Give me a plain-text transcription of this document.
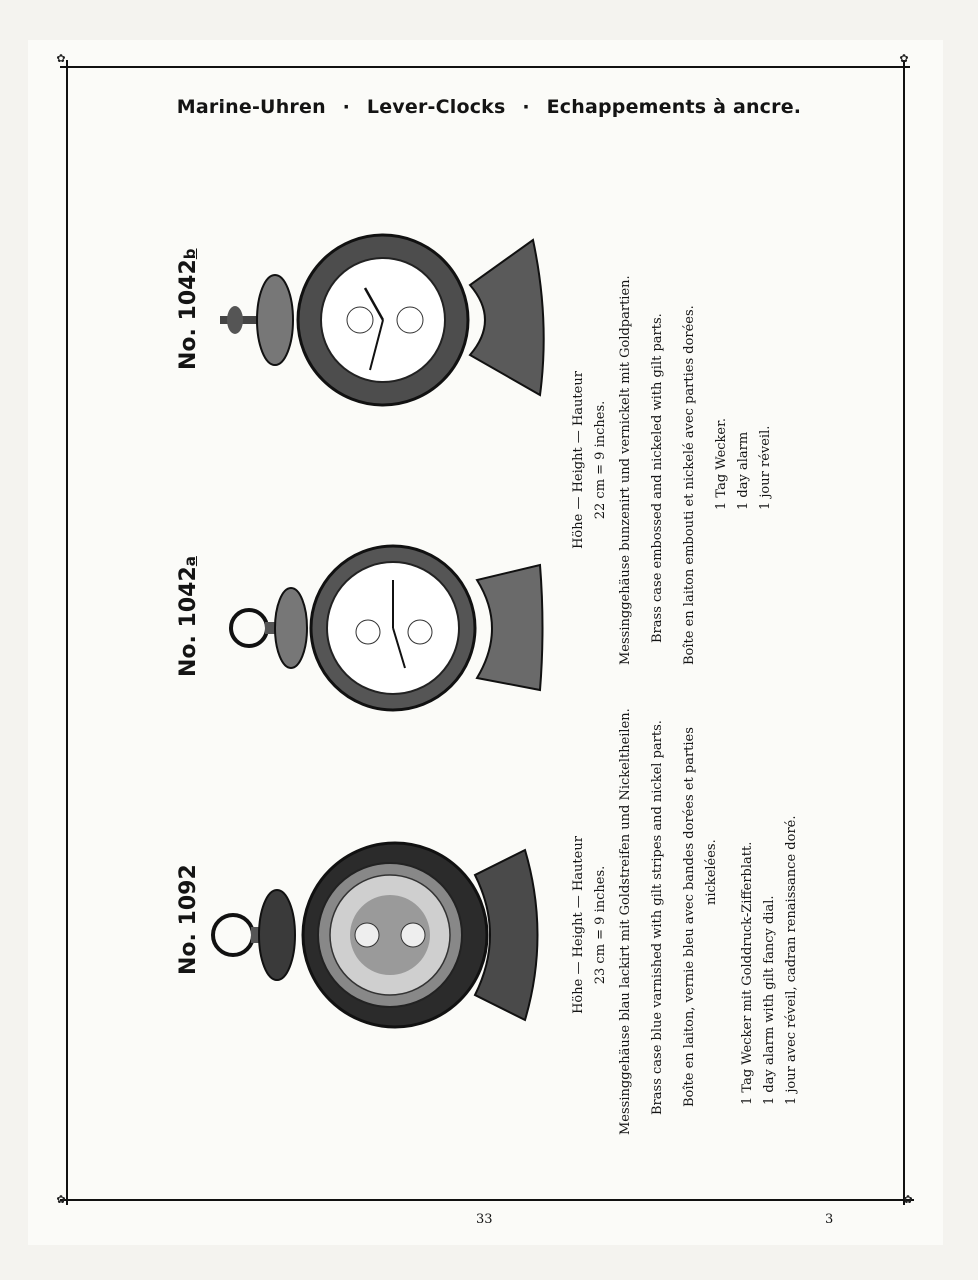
✿	✿
✿	✿
Marine-Uhren · Lever-Clocks · Echappements à ancre.
No. 1092
No. 1042a
No. 1042b
Höhe — Height — Hauteur 23 cm = 9 inches. Messinggehäuse blau lackirt mit Goldstreifen und Nickeltheilen.	Brass case blue varnished with gilt stripes and nickel parts.	Boîte en laiton, vernie bleu avec bandes dorées et parties nickelées.	1 Tag Wecker mit Golddruck-Zifferblatt. 1 day alarm with gilt fancy dial. 1 jour avec réveil, cadran renaissance doré.
Höhe — Height — Hauteur 22 cm = 9 inches. Messinggehäuse bunzenirt und vernickelt mit Goldpartien.	Brass case embossed and nickeled with gilt parts.	Boîte en laiton embouti et nickelé avec parties dorées.	1 Tag Wecker. 1 day alarm 1 jour réveil.
33	3
